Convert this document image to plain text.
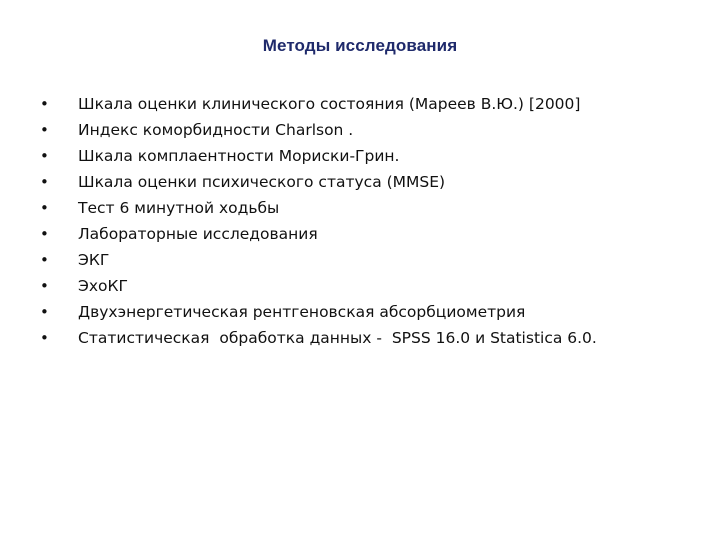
Методы исследования
•	Шкала оценки клинического состояния (Мареев В.Ю.) [2000]
•	Индекс коморбидности Charlson .
•	Шкала комплаентности Мориски-Грин.
•	Шкала оценки психического статуса (MMSE)
•	Тест 6 минутной ходьбы
•	Лабораторные исследования
•	ЭКГ
•	ЭхоКГ
•	Двухэнергетическая рентгеновская абсорбциометрия
•	Статистическая  обработка данных -  SPSS 16.0 и Statistica 6.0.
